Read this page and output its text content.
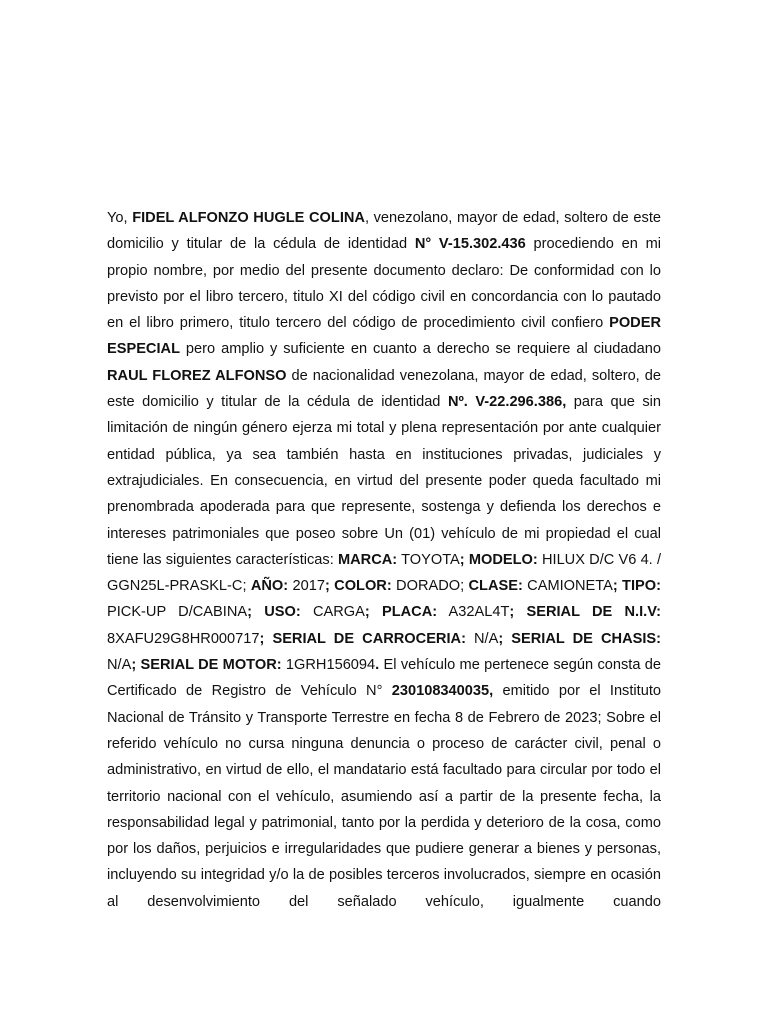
Yo, FIDEL ALFONZO HUGLE COLINA, venezolano, mayor de edad, soltero de este domicilio y titular de la cédula de identidad N° V-15.302.436 procediendo en mi propio nombre, por medio del presente documento declaro: De conformidad con lo previsto por el libro tercero, titulo XI del código civil en concordancia con lo pautado en el libro primero, titulo tercero del código de procedimiento civil confiero PODER ESPECIAL pero amplio y suficiente en cuanto a derecho se requiere al ciudadano RAUL FLOREZ ALFONSO de nacionalidad venezolana, mayor de edad, soltero, de este domicilio y titular de la cédula de identidad Nº. V-22.296.386, para que sin limitación de ningún género ejerza mi total y plena representación por ante cualquier entidad pública, ya sea también hasta en instituciones privadas, judiciales y extrajudiciales. En consecuencia, en virtud del presente poder queda facultado mi prenombrada apoderada para que represente, sostenga y defienda los derechos e intereses patrimoniales que poseo sobre Un (01) vehículo de mi propiedad el cual tiene las siguientes características: MARCA: TOYOTA; MODELO: HILUX D/C V6 4. / GGN25L-PRASKL-C; AÑO: 2017; COLOR: DORADO; CLASE: CAMIONETA; TIPO: PICK-UP D/CABINA; USO: CARGA; PLACA: A32AL4T; SERIAL DE N.I.V: 8XAFU29G8HR000717; SERIAL DE CARROCERIA: N/A; SERIAL DE CHASIS: N/A; SERIAL DE MOTOR: 1GRH156094. El vehículo me pertenece según consta de Certificado de Registro de Vehículo N° 230108340035, emitido por el Instituto Nacional de Tránsito y Transporte Terrestre en fecha 8 de Febrero de 2023; Sobre el referido vehículo no cursa ninguna denuncia o proceso de carácter civil, penal o administrativo, en virtud de ello, el mandatario está facultado para circular por todo el territorio nacional con el vehículo, asumiendo así a partir de la presente fecha, la responsabilidad legal y patrimonial, tanto por la perdida y deterioro de la cosa, como por los daños, perjuicios e irregularidades que pudiere generar a bienes y personas, incluyendo su integridad y/o la de posibles terceros involucrados, siempre en ocasión al desenvolvimiento del señalado vehículo, igualmente cuando
